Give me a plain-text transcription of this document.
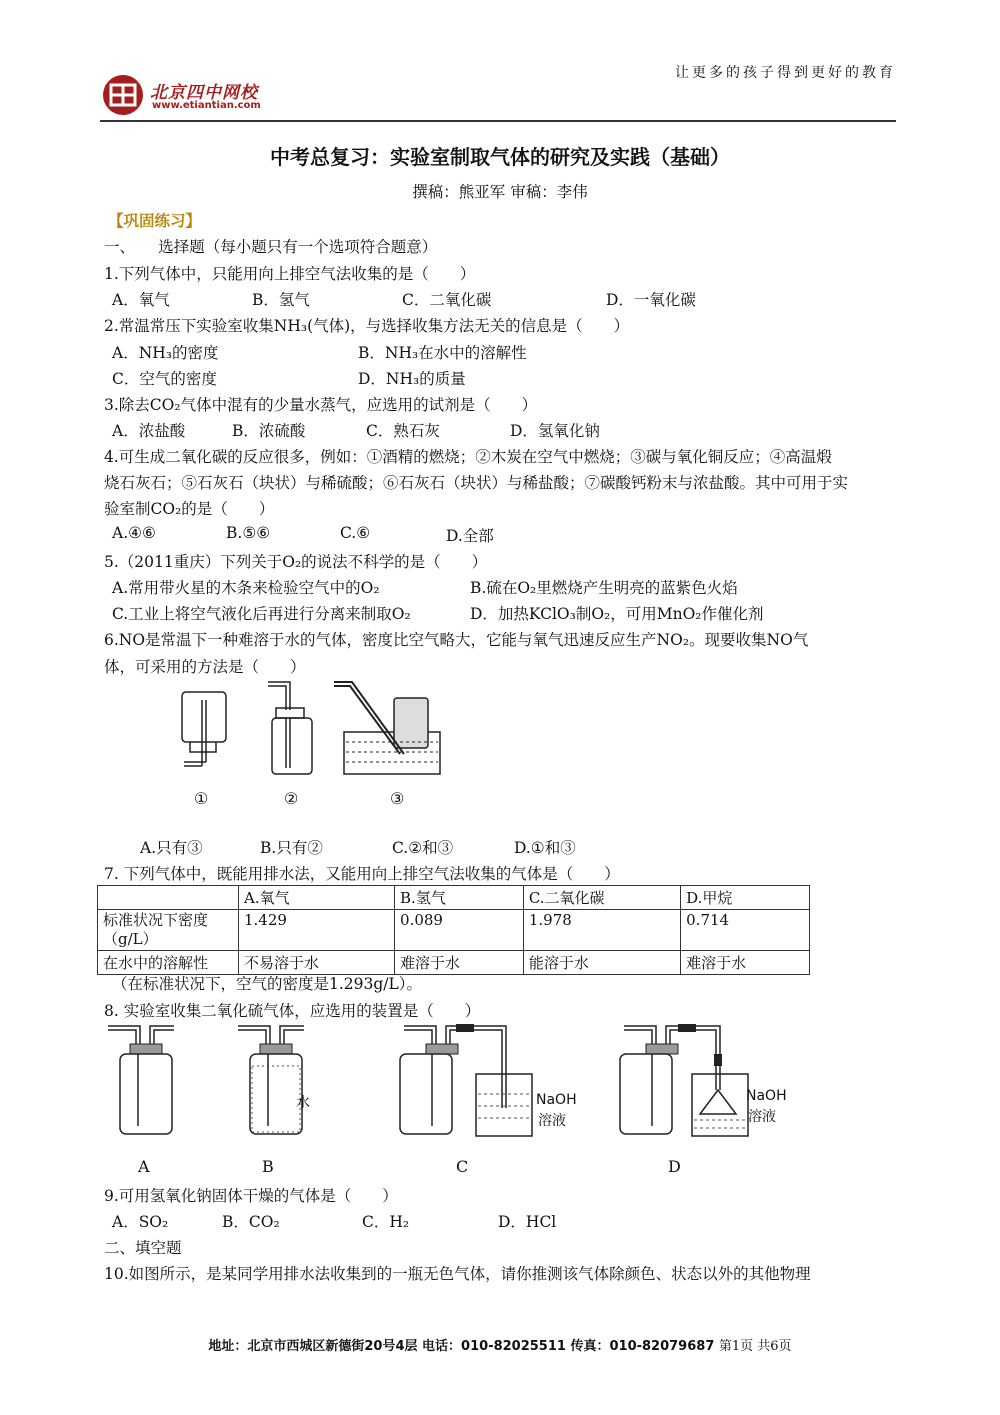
让更多的孩子得到更好的教育
北京四中网校
www.etiantian.com
中考总复习：实验室制取气体的研究及实践（基础）
撰稿：熊亚军 审稿：李伟
【巩固练习】
一、　　选择题（每小题只有一个选项符合题意）
1.下列气体中，只能用向上排空气法收集的是（　　）
A．氧气	B．氢气	C．二氧化碳	D．一氧化碳
2.常温常压下实验室收集NH₃(气体)，与选择收集方法无关的信息是（　　）
A．NH₃的密度	B．NH₃在水中的溶解性
C．空气的密度	D．NH₃的质量
3.除去CO₂气体中混有的少量水蒸气，应选用的试剂是（　　）
A．浓盐酸	B．浓硫酸	C．熟石灰	D．氢氧化钠
4.可生成二氧化碳的反应很多，例如：①酒精的燃烧；②木炭在空气中燃烧；③碳与氧化铜反应；④高温煅
烧石灰石；⑤石灰石（块状）与稀硫酸；⑥石灰石（块状）与稀盐酸；⑦碳酸钙粉末与浓盐酸。其中可用于实
验室制CO₂的是（　　）
A.④⑥	B.⑤⑥	C.⑥	D.全部
5.（2011重庆）下列关于O₂的说法不科学的是（　　）
A.常用带火星的木条来检验空气中的O₂	B.硫在O₂里燃烧产生明亮的蓝紫色火焰
C.工业上将空气液化后再进行分离来制取O₂	D．加热KClO₃制O₂，可用MnO₂作催化剂
6.NO是常温下一种难溶于水的气体，密度比空气略大，它能与氧气迅速反应生产NO₂。现要收集NO气
体，可采用的方法是（　　）
①	②	③
A.只有③	B.只有②	C.②和③	D.①和③
7. 下列气体中，既能用排水法，又能用向上排空气法收集的气体是（　　）
	A.氧气	B.氢气	C.二氧化碳	D.甲烷
标准状况下密度（g/L）	1.429	0.089	1.978	0.714
在水中的溶解性	不易溶于水	难溶于水	能溶于水	难溶于水
（在标准状况下，空气的密度是1.293g/L）。
8. 实验室收集二氧化硫气体，应选用的装置是（　　）
水	NaOH
溶液
NaOH
溶液
A	B	C	D
9.可用氢氧化钠固体干燥的气体是（　　）
A．SO₂	B．CO₂	C．H₂	D．HCl
二、填空题
10.如图所示，是某同学用排水法收集到的一瓶无色气体，请你推测该气体除颜色、状态以外的其他物理
地址：北京市西城区新德街20号4层 电话：010-82025511 传真：010-82079687 第1页 共6页
